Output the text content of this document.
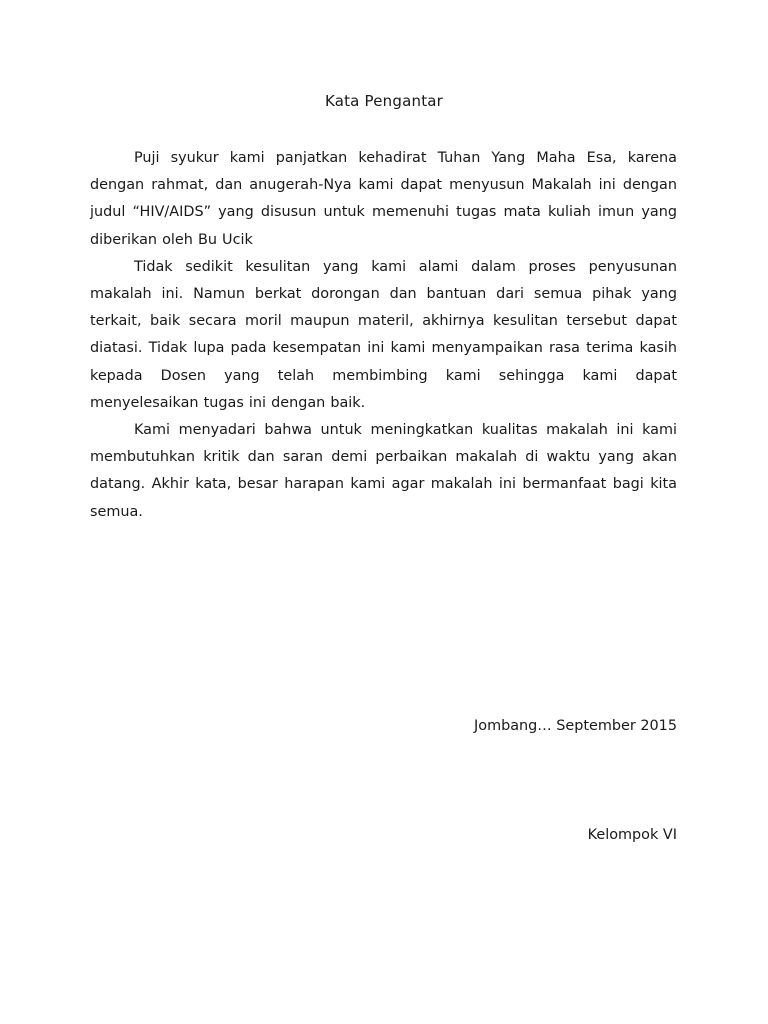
Kata Pengantar

Puji syukur kami panjatkan kehadirat Tuhan Yang Maha Esa, karena dengan rahmat, dan anugerah-Nya kami dapat menyusun Makalah ini dengan judul “HIV/AIDS” yang disusun untuk memenuhi tugas mata kuliah imun yang diberikan oleh Bu Ucik

Tidak sedikit kesulitan yang kami alami dalam proses penyusunan makalah ini. Namun berkat dorongan dan bantuan dari semua pihak yang terkait, baik secara moril maupun materil, akhirnya kesulitan tersebut dapat diatasi. Tidak lupa pada kesempatan ini kami menyampaikan rasa terima kasih kepada Dosen yang telah membimbing kami sehingga kami dapat menyelesaikan tugas ini dengan baik.

Kami menyadari bahwa untuk meningkatkan kualitas makalah ini kami membutuhkan kritik dan saran demi perbaikan makalah di waktu yang akan datang. Akhir kata, besar harapan kami agar makalah ini bermanfaat bagi kita semua.

Jombang… September 2015

Kelompok VI
